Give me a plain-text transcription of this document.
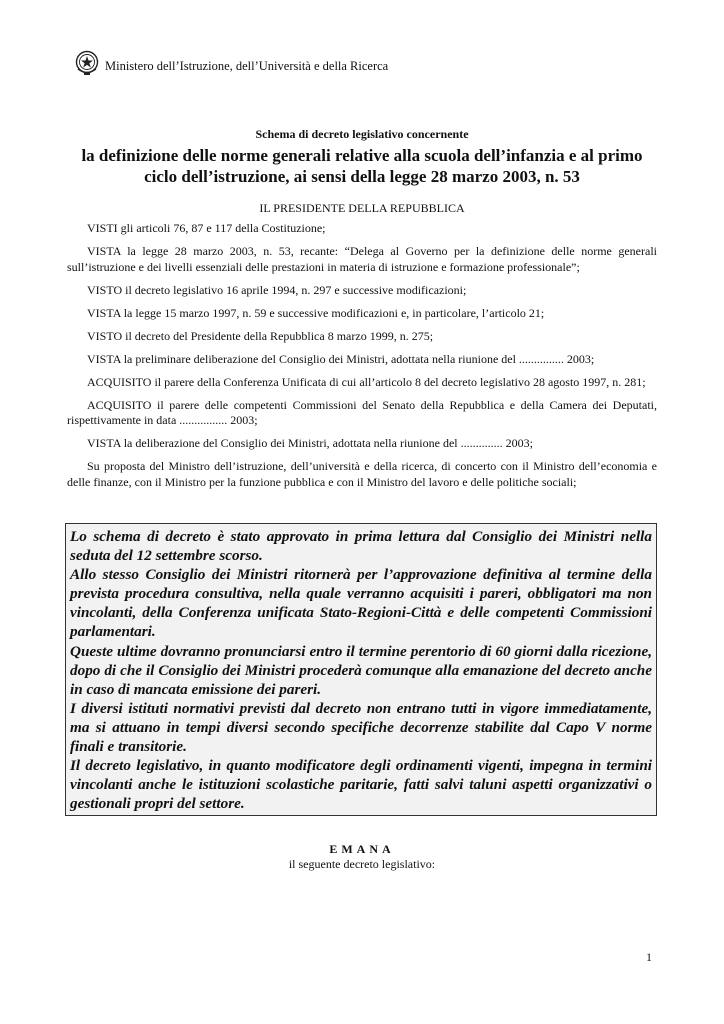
Ministero dell’Istruzione, dell’Università e della Ricerca
Schema di decreto legislativo concernente
la definizione delle norme generali relative alla scuola dell’infanzia e al primo ciclo dell’istruzione, ai sensi della legge 28 marzo 2003, n. 53
IL PRESIDENTE DELLA REPUBBLICA

VISTI gli articoli 76, 87 e 117 della Costituzione;

VISTA la legge 28 marzo 2003, n. 53, recante: “Delega al Governo per la definizione delle norme generali sull’istruzione e dei livelli essenziali delle prestazioni in materia di istruzione e formazione professionale”;

VISTO il decreto legislativo 16 aprile 1994, n. 297 e successive modificazioni;

VISTA la legge 15 marzo 1997, n. 59 e successive modificazioni e, in particolare, l’articolo 21;

VISTO il decreto del Presidente della Repubblica 8 marzo 1999, n. 275;

VISTA la preliminare deliberazione del Consiglio dei Ministri, adottata nella riunione del ............... 2003;

ACQUISITO il parere della Conferenza Unificata di cui all’articolo 8 del decreto legislativo 28 agosto 1997, n. 281;

ACQUISITO il parere delle competenti Commissioni del Senato della Repubblica e della Camera dei Deputati, rispettivamente in data ................ 2003;

VISTA la deliberazione del Consiglio dei Ministri, adottata nella riunione del .............. 2003;

Su proposta del Ministro dell’istruzione, dell’università e della ricerca, di concerto con il Ministro dell’economia e delle finanze, con il Ministro per la funzione pubblica e con il Ministro del lavoro e delle politiche sociali;

Lo schema di decreto è stato approvato in prima lettura dal Consiglio dei Ministri nella seduta del 12 settembre scorso.

Allo stesso Consiglio dei Ministri ritornerà per l’approvazione definitiva al termine della prevista procedura consultiva, nella quale verranno acquisiti i pareri, obbligatori ma non vincolanti, della Conferenza unificata Stato-Regioni-Città e delle competenti Commissioni parlamentari.

Queste ultime dovranno pronunciarsi entro il termine perentorio di 60 giorni dalla ricezione, dopo di che il Consiglio dei Ministri procederà comunque alla emanazione del decreto anche in caso di mancata emissione dei pareri.

I diversi istituti normativi previsti dal decreto non entrano tutti in vigore immediatamente, ma si attuano in tempi diversi secondo specifiche decorrenze stabilite dal Capo V norme finali e transitorie.

Il decreto legislativo, in quanto modificatore degli ordinamenti vigenti, impegna in termini vincolanti anche le istituzioni scolastiche paritarie, fatti salvi taluni aspetti organizzativi o gestionali propri del settore.

EMANA
il seguente decreto legislativo:
1
